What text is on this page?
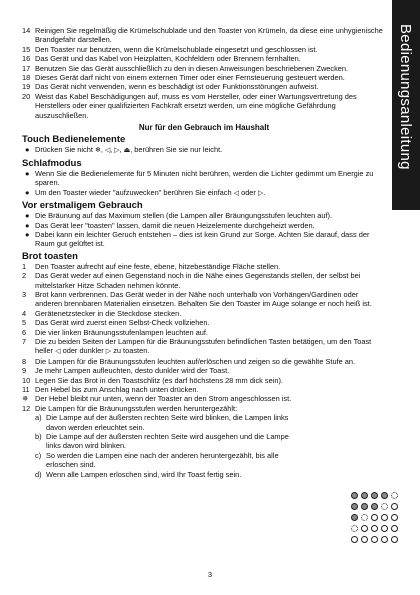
Bedienungsanleitung
14 Reinigen Sie regelmäßig die Krümelschublade und den Toaster von Krümeln, da diese eine unhygienische Brandgefahr darstellen.
15 Den Toaster nur benutzen, wenn die Krümelschublade eingesetzt und geschlossen ist.
16 Das Gerät und das Kabel von Heizplatten, Kochfeldern oder Brennern fernhalten.
17 Benutzen Sie das Gerät ausschließlich zu den in diesen Anweisungen beschriebenen Zwecken.
18 Dieses Gerät darf nicht von einem externen Timer oder einer Fernsteuerung gesteuert werden.
19 Das Gerät nicht verwenden, wenn es beschädigt ist oder Funktionsstörungen aufweist.
20 Weist das Kabel Beschädigungen auf, muss es vom Hersteller, oder einer Wartungsvertretung des Herstellers oder einer qualifizierten Fachkraft ersetzt werden, um eine mögliche Gefährdung auszuschließen.
Nur für den Gebrauch im Haushalt
Touch Bedienelemente
● Drücken Sie nicht ❄, ◁, ▷, ⏏, berühren Sie sie nur leicht.
Schlafmodus
● Wenn Sie die Bedienelemente für 5 Minuten nicht berühren, werden die Lichter gedimmt um Energie zu sparen.
● Um den Toaster wieder "aufzuwecken" berühren Sie einfach ◁ oder ▷.
Vor erstmaligem Gebrauch
● Die Bräunung auf das Maximum stellen (die Lampen aller Bräungungsstufen leuchten auf).
● Das Gerät leer "toasten" lassen, damit die neuen Heizelemente durchgeheizt werden.
● Dabei kann ein leichter Geruch entstehen – dies ist kein Grund zur Sorge. Achten Sie darauf, dass der Raum gut gelüftet ist.
Brot toasten
1	Den Toaster aufrecht auf eine feste, ebene, hitzebeständige Fläche stellen.
2	Das Gerät weder auf einen Gegenstand noch in die Nähe eines Gegenstands stellen, der selbst bei mittelstarker Hitze Schaden nehmen könnte.
3	Brot kann verbrennen. Das Gerät weder in der Nähe noch unterhalb von Vorhängen/Gardinen oder anderen brennbaren Materialien einsetzen. Behalten Sie den Toaster im Auge solange er noch heiß ist.
4	Gerätenetzstecker in die Steckdose stecken.
5	Das Gerät wird zuerst einen Selbst-Check vollziehen.
6	Die vier linken Bräunungsstufenlampen leuchten auf.
7	Die zu beiden Seiten der Lampen für die Bräunungsstufen befindlichen Tasten betätigen, um den Toast heller ◁ oder dunkler ▷ zu toasten.
8	Die Lampen für die Bräunungsstufen leuchten auf/erlöschen und zeigen so die gewählte Stufe an.
9	Je mehr Lampen aufleuchten, desto dunkler wird der Toast.
10 Legen Sie das Brot in den Toastschlitz (es darf höchstens 28 mm dick sein).
11 Den Hebel bis zum Anschlag nach unten drücken.
✵ Der Hebel bleibt nur unten, wenn der Toaster an den Strom angeschlossen ist.
12 Die Lampen für die Bräunungsstufen werden heruntergezählt:
a) Die Lampe auf der äußersten rechten Seite wird blinken, die Lampen links davon werden erleuchtet sein.
b) Die Lampe auf der äußersten rechten Seite wird ausgehen und die Lampe links davon wird blinken.
c) So werden die Lampen eine nach der anderen heruntergezählt, bis alle erloschen sind.
d) Wenn alle Lampen erloschen sind, wird Ihr Toast fertig sein.
3
